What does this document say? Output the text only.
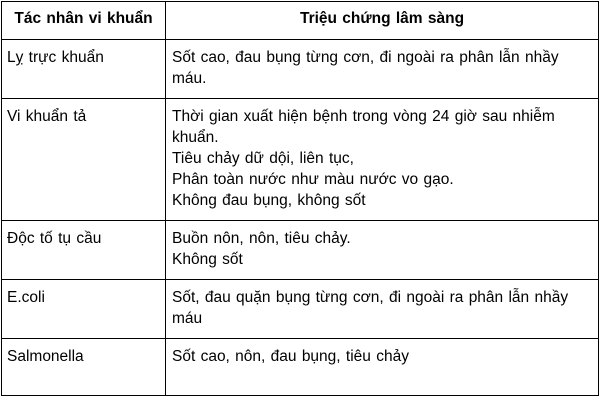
Tác nhân vi khuẩn	Triệu chứng lâm sàng
Lỵ trực khuẩn	Sốt cao, đau bụng từng cơn, đi ngoài ra phân lẫn nhầy máu.

Vi khuẩn tả	Thời gian xuất hiện bệnh trong vòng 24 giờ sau nhiễm khuẩn.
Tiêu chảy dữ dội, liên tục,
Phân toàn nước như màu nước vo gạo.
Không đau bụng, không sốt

Độc tố tụ cầu	Buồn nôn, nôn, tiêu chảy.
Không sốt

E.coli	Sốt, đau quặn bụng từng cơn, đi ngoài ra phân lẫn nhầy máu

Salmonella	Sốt cao, nôn, đau bụng, tiêu chảy
